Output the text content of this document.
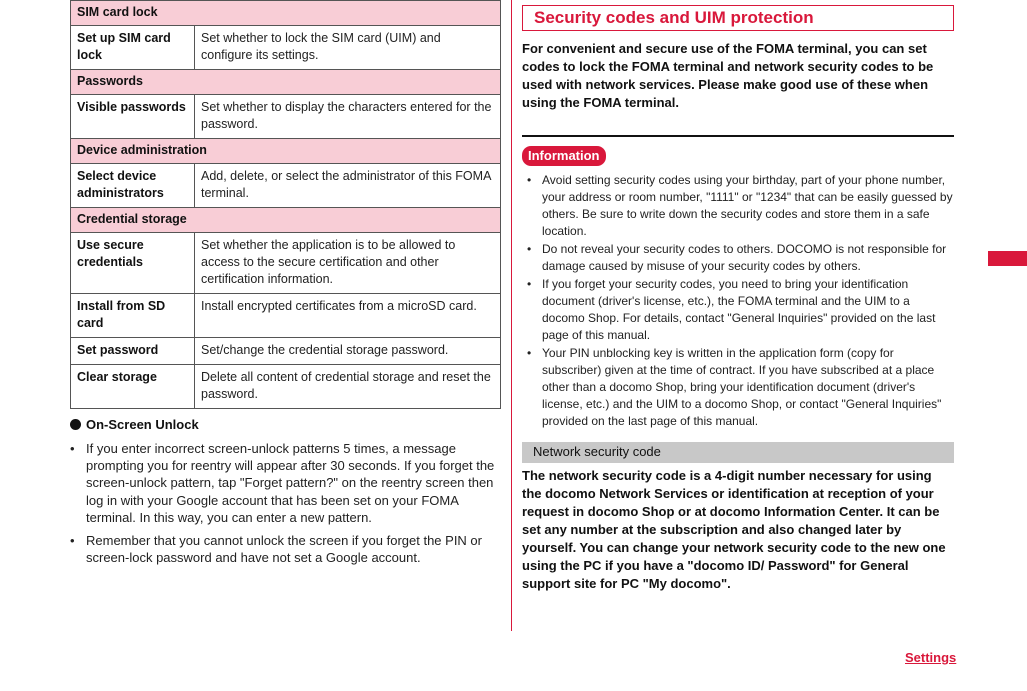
SIM card lock	
Set up SIM card lock	Set whether to lock the SIM card (UIM) and configure its settings.
Passwords	
Visible passwords	Set whether to display the characters entered for the password.
Device administration	
Select device administrators	Add, delete, or select the administrator of this FOMA terminal.
Credential storage	
Use secure credentials	Set whether the application is to be allowed to access to the secure certification and other certification information.
Install from SD card	Install encrypted certificates from a microSD card.
Set password	Set/change the credential storage password.
Clear storage	Delete all content of credential storage and reset the password.
On-Screen Unlock
• If you enter incorrect screen-unlock patterns 5 times, a message prompting you for reentry will appear after 30 seconds. If you forget the screen-unlock pattern, tap "Forget pattern?" on the reentry screen then log in with your Google account that has been set on your FOMA terminal. In this way, you can enter a new pattern.
• Remember that you cannot unlock the screen if you forget the PIN or screen-lock password and have not set a Google account.
Security codes and UIM protection
For convenient and secure use of the FOMA terminal, you can set codes to lock the FOMA terminal and network security codes to be used with network services. Please make good use of these when using the FOMA terminal.
Information
• Avoid setting security codes using your birthday, part of your phone number, your address or room number, "1111" or "1234" that can be easily guessed by others. Be sure to write down the security codes and store them in a safe location.
• Do not reveal your security codes to others. DOCOMO is not responsible for damage caused by misuse of your security codes by others.
• If you forget your security codes, you need to bring your identification document (driver's license, etc.), the FOMA terminal and the UIM to a docomo Shop. For details, contact "General Inquiries" provided on the last page of this manual.
• Your PIN unblocking key is written in the application form (copy for subscriber) given at the time of contract. If you have subscribed at a place other than a docomo Shop, bring your identification document (driver's license, etc.) and the UIM to a docomo Shop, or contact "General Inquiries" provided on the last page of this manual.
Network security code
The network security code is a 4-digit number necessary for using the docomo Network Services or identification at reception of your request in docomo Shop or at docomo Information Center. It can be set any number at the subscription and also changed later by yourself. You can change your network security code to the new one using the PC if you have a "docomo ID/ Password" for General support site for PC "My docomo".
Settings
